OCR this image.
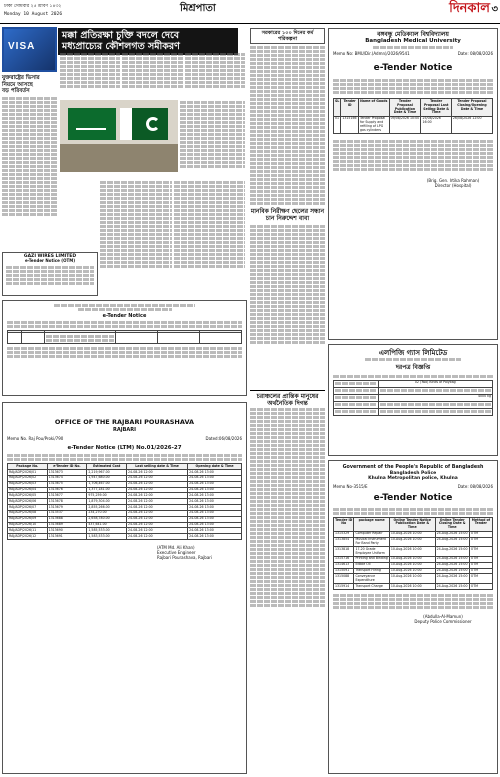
ঢাকা সোমবার ২৫ শ্রাবণ ১৪৩২
Monday 10 August 2026	মিশ্রপাতা	দিনকাল ৩
VISA
মক্কা প্রতিরক্ষা চুক্তি বদলে দেবে
মধ্যপ্রাচ্যের কৌশলগত সমীকরণ
যুক্তরাষ্ট্রের ভিসার
নিয়মে আসছে
বড় পরিবর্তন
GAZI WIRES LIMITED
e-Tender Notice (OTM)
e-Tender Notice

OFFICE OF THE RAJBARI POURASHAVA
RAJBARI
Memo No. Raj Pou/Proki/790	Dated:06/08/2026
e-Tender Notice (LTM) No.01/2026-27
Package No.	e-Tender ID No.	Estimated Cost	Last selling date & Time	Opening date & Time
RAJ/ADP/2026/01	1313673	2,219,967.00	24-08-26 12:00	24-08-26 13:00
RAJ/ADP/2026/02	1313674	1,947,680.00	24-08-26 12:00	24-08-26 13:00
RAJ/ADP/2026/03	1313675	1,706,467.00	24-08-26 12:00	24-08-26 13:00
RAJ/ADP/2026/04	1313676	1,377,181.00	24-08-26 12:00	24-08-26 13:00
RAJ/ADP/2026/05	1313677	975,259.00	24-08-26 12:00	24-08-26 13:00
RAJ/ADP/2026/06	1313678	1,879,304.00	24-08-26 12:00	24-08-26 13:00
RAJ/ADP/2026/07	1313679	2,855,266.00	24-08-26 12:00	24-08-26 13:00
RAJ/ADP/2026/08	1313537	234,270.00	24-08-26 12:00	24-08-26 13:00
RAJ/ADP/2026/09	1313688	2,658,780.00	24-08-26 12:00	24-08-26 13:00
RAJ/ADP/2026/10	1313689	437,641.00	24-08-26 12:00	24-08-26 13:00
RAJ/ADP/2026/11	1313690	1,585,533.00	24-08-26 12:00	24-08-26 13:00
RAJ/ADP/2026/12	1313691	1,583,533.00	24-08-26 12:00	24-08-26 13:00
(ATM Md. Ali Khan)
Executive Engineer
Rajbari Pourashava, Rajbari
সরকারের ১০০ দিনের কর্ম পরিকল্পনা
মানবিক নিরীক্ষণ ছেলের সন্ধান চান নিরুদ্দেশ বাবা
চরাঞ্চলের প্রান্তিক মানুষের অর্থনৈতিক দিগন্ত
বঙ্গবন্ধু মেডিক্যাল বিশ্ববিদ্যালয়
Bangladesh Medical University
Memo No: BMU/Dir.(Admn)/2026/9541	Date: 08/08/2026
e-Tender Notice
SL	Tender ID	Name of Goods	Tender Proposal Publication Date & Time	Tender Proposal Last Selling Date & Time	Tender Proposal Closing/Opening Date & Time
01	1315166	Tender Proposal for Supply and refilling of LPG gas cylinders	09/08/2026 10:00	25/08/2026 16:00	26/08/2026 12:00
(Brig. Gen. Irtika Rahman)
Director (Hospital)
এলপিজি গ্যাস লিমিটেড
দরপত্র বিজ্ঞপ্তি
	02 (Two) Kinds of Polybag

	4000 kg

Government of the People's Republic of Bangladesh
Bangladesh Police
Khulna Metropolitan police, Khulna
Memo No-3515/E	Date: 08/08/2026
e-Tender Notice
Tender ID No	package name	Online Tender Notice Publication Date & Time	Online Tender Closing Date & Time	Method of Tender
1315329	Computer Repair	10-Aug-2026 10:00	24-Aug-2026 15:00	OTM
1313854	Musical Instrument For Band Party	10-Aug-2026 10:00	24-Aug-2026 15:00	OTM
1313818	17-20 Grade Employee Uniform	10-Aug-2026 10:00	24-Aug-2026 15:00	OTM
1315716	Printing and Binding	10-Aug-2026 10:00	24-Aug-2026 15:00	OTM
1314613	Edible Oil	10-Aug-2026 10:00	24-Aug-2026 15:00	OTM
1315091	Transport Hiring	10-Aug-2026 10:00	24-Aug-2026 15:00	OTM
1315088	Conveyance Expenditure	10-Aug-2026 10:00	24-Aug-2026 15:00	OTM
1315914	Transport Charge	10-Aug-2026 10:00	24-Aug-2026 15:00	OTM
(Abdulla-Al-Mamun)
Deputy Police Commissioner
